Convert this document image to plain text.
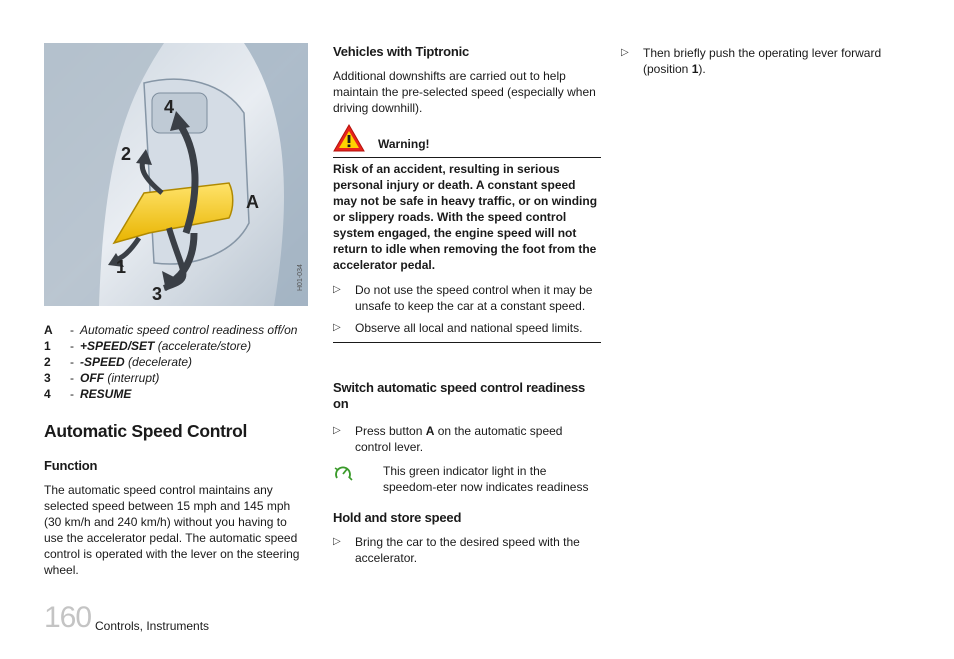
4
2
A
1
3
H01-034
A	- Automatic speed control readiness off/on
1	- +SPEED/SET (accelerate/store)
2	- -SPEED (decelerate)
3	- OFF (interrupt)
4	- RESUME
Automatic Speed Control
Function

The automatic speed control maintains any selected speed between 15 mph and 145 mph (30 km/h and 240 km/h) without you having to use the accelerator pedal. The automatic speed control is operated with the lever on the steering wheel.

Vehicles with Tiptronic

Additional downshifts are carried out to help maintain the pre-selected speed (especially when driving downhill).

Warning!

Risk of an accident, resulting in serious personal injury or death. A constant speed may not be safe in heavy traffic, or on winding or slippery roads. With the speed control system engaged, the engine speed will not return to idle when removing the foot from the accelerator pedal.

▷	Do not use the speed control when it may be unsafe to keep the car at a constant speed.
▷	Observe all local and national speed limits.
Switch automatic speed control readiness on
▷	Press button A on the automatic speed control lever.

This green indicator light in the speedom-eter now indicates readiness

Hold and store speed
▷	Bring the car to the desired speed with the accelerator.
▷	Then briefly push the operating lever forward (position 1).
160 Controls, Instruments
